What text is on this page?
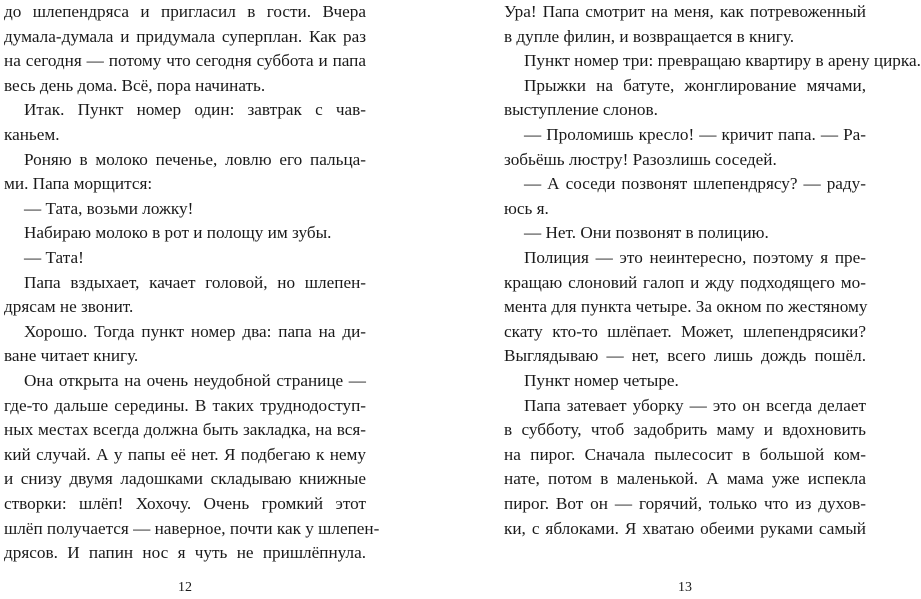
до шлепендряса и пригласил в гости. Вчера
думала-думала и придумала суперплан. Как раз
на сегодня — потому что сегодня суббота и папа
весь день дома. Всё, пора начинать.
Итак. Пункт номер один: завтрак с чав-
каньем.
Роняю в молоко печенье, ловлю его пальца-
ми. Папа морщится:
— Тата, возьми ложку!
Набираю молоко в рот и полощу им зубы.
— Тата!
Папа вздыхает, качает головой, но шлепен-
дрясам не звонит.
Хорошо. Тогда пункт номер два: папа на ди-
ване читает книгу.
Она открыта на очень неудобной странице —
где-то дальше середины. В таких труднодоступ-
ных местах всегда должна быть закладка, на вся-
кий случай. А у папы её нет. Я подбегаю к нему
и снизу двумя ладошками складываю книжные
створки: шлёп! Хохочу. Очень громкий этот
шлёп получается — наверное, почти как у шлепен-
дрясов. И папин нос я чуть не пришлёпнула.
12
Ура! Папа смотрит на меня, как потревоженный
в дупле филин, и возвращается в книгу.
Пункт номер три: превращаю квартиру в арену цирка.
Прыжки на батуте, жонглирование мячами,
выступление слонов.
— Проломишь кресло! — кричит папа. — Ра-
зобьёшь люстру! Разозлишь соседей.
— А соседи позвонят шлепендрясу? — раду-
юсь я.
— Нет. Они позвонят в полицию.
Полиция — это неинтересно, поэтому я пре-
кращаю слоновий галоп и жду подходящего мо-
мента для пункта четыре. За окном по жестяному
скату кто-то шлёпает. Может, шлепендрясики?
Выглядываю — нет, всего лишь дождь пошёл.
Пункт номер четыре.
Папа затевает уборку — это он всегда делает
в субботу, чтоб задобрить маму и вдохновить
на пирог. Сначала пылесосит в большой ком-
нате, потом в маленькой. А мама уже испекла
пирог. Вот он — горячий, только что из духов-
ки, с яблоками. Я хватаю обеими руками самый
13
